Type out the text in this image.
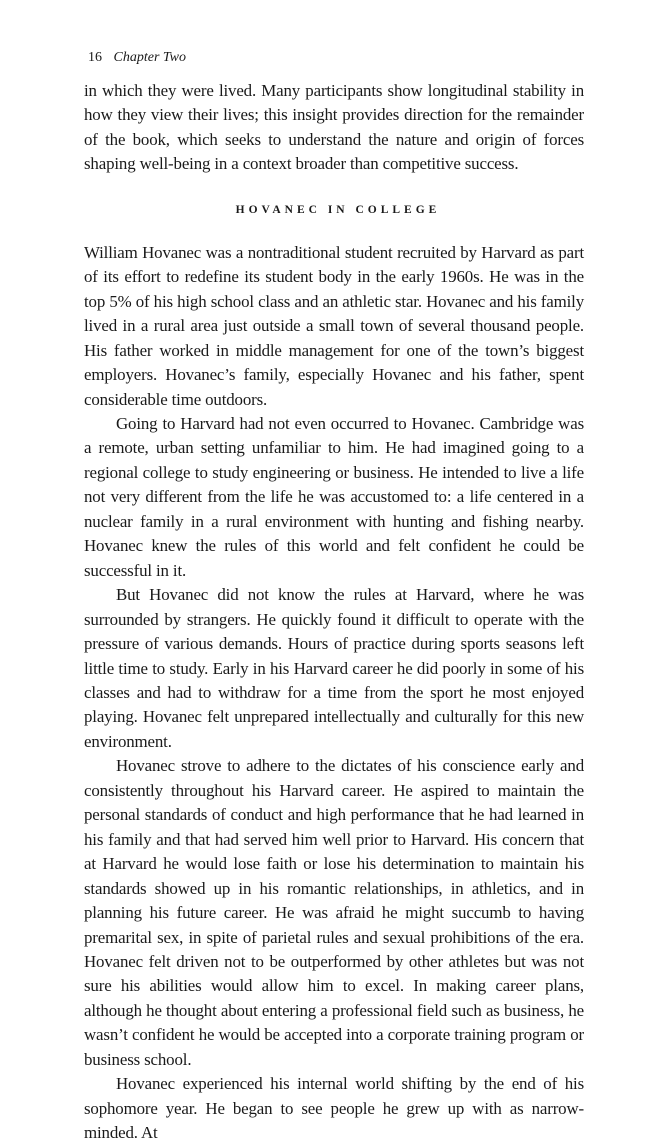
16 Chapter Two

in which they were lived. Many participants show longitudinal stability in how they view their lives; this insight provides direction for the remainder of the book, which seeks to understand the nature and origin of forces shaping well-being in a context broader than competitive success.

HOVANEC IN COLLEGE

William Hovanec was a nontraditional student recruited by Harvard as part of its effort to redefine its student body in the early 1960s. He was in the top 5% of his high school class and an athletic star. Hovanec and his family lived in a rural area just outside a small town of several thousand people. His father worked in middle management for one of the town’s biggest employers. Hovanec’s family, especially Hovanec and his father, spent considerable time outdoors.

Going to Harvard had not even occurred to Hovanec. Cambridge was a remote, urban setting unfamiliar to him. He had imagined going to a regional college to study engineering or business. He intended to live a life not very different from the life he was accustomed to: a life centered in a nuclear family in a rural environment with hunting and fishing nearby. Hovanec knew the rules of this world and felt confident he could be successful in it.

But Hovanec did not know the rules at Harvard, where he was surrounded by strangers. He quickly found it difficult to operate with the pressure of various demands. Hours of practice during sports seasons left little time to study. Early in his Harvard career he did poorly in some of his classes and had to withdraw for a time from the sport he most enjoyed playing. Hovanec felt unprepared intellectually and culturally for this new environment.

Hovanec strove to adhere to the dictates of his conscience early and consistently throughout his Harvard career. He aspired to maintain the personal standards of conduct and high performance that he had learned in his family and that had served him well prior to Harvard. His concern that at Harvard he would lose faith or lose his determination to maintain his standards showed up in his romantic relationships, in athletics, and in planning his future career. He was afraid he might succumb to having premarital sex, in spite of parietal rules and sexual prohibitions of the era. Hovanec felt driven not to be outperformed by other athletes but was not sure his abilities would allow him to excel. In making career plans, although he thought about entering a professional field such as business, he wasn’t confident he would be accepted into a corporate training program or business school.

Hovanec experienced his internal world shifting by the end of his sophomore year. He began to see people he grew up with as narrow-minded. At
